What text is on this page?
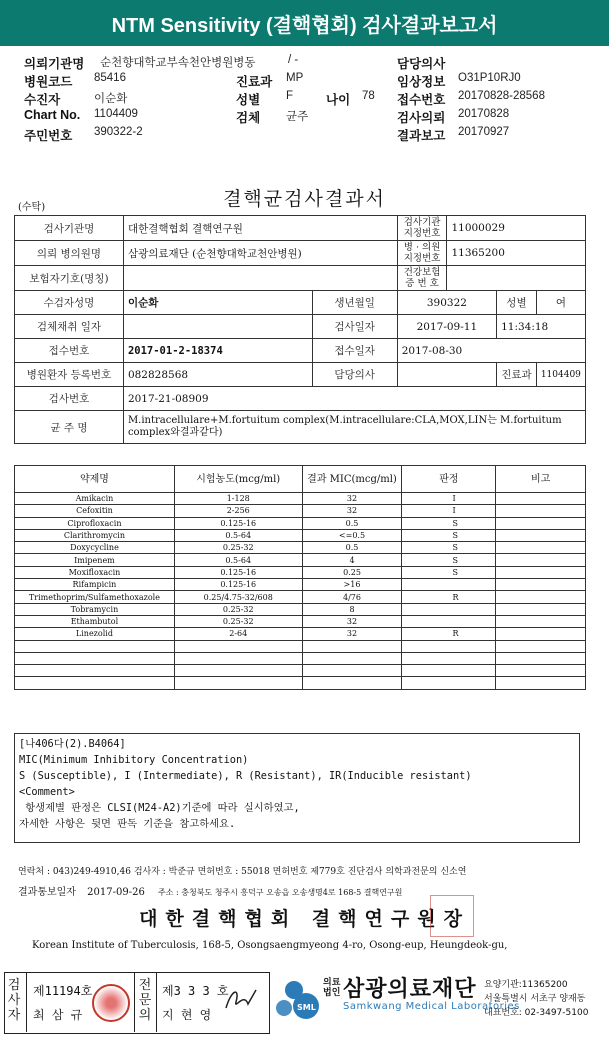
NTM Sensitivity (결핵협회) 검사결과보고서
의뢰기관명 순천향대학교부속천안병원병동	/ -	담당의사
병원코드 85416	진료과 MP	임상정보 O31P10RJ0
수진자	이순화	성별 F	나이 78 접수번호 20170828-28568
Chart No. 1104409	검체 균주	검사의뢰 20170828
주민번호 390322-2	결과보고 20170927
(수탁)	결핵균검사결과서
검사기관명	대한결핵협회 결핵연구원		검사기관 지정번호	11000029		
의뢰 병의원명	삼광의료재단 (순천향대학교천안병원)		병 · 의원 지정번호	11365200		
보험자기호(명칭)			건강보험 증 번 호			
수검자성명	이순화	생년월일	390322		성별	여
검체채취 일자		검사일자	2017-09-11		11:34:18	
접수번호	2017-01-2-18374	접수일자	2017-08-30			
병원환자 등록번호	082828568	담당의사			진료과	1104409
검사번호	2017-21-08909					
균 주 명	M.intracellulare+M.fortuitum complex(M.intracellulare:CLA,MOX,LIN는 M.fortuitum complex와결과같다)					
약제명	시험농도(mcg/ml)	결과 MIC(mcg/ml)	판정	비고
Amikacin	1-128	32	I	
Cefoxitin	2-256	32	I	
Ciprofloxacin	0.125-16	0.5	S	
Clarithromycin	0.5-64	<=0.5	S	
Doxycycline	0.25-32	0.5	S	
Imipenem	0.5-64	4	S	
Moxifloxacin	0.125-16	0.25	S	
Rifampicin	0.125-16	>16		
Trimethoprim/Sulfamethoxazole	0.25/4.75-32/608	4/76	R	
Tobramycin	0.25-32	8		
Ethambutol	0.25-32	32		
Linezolid	2-64	32	R	

[나406다(2).B4064]
MIC(Minimum Inhibitory Concentration)
S (Susceptible), I (Intermediate), R (Resistant), IR(Inducible resistant)
<Comment>
항생제별 판정은 CLSI(M24-A2)기준에 따라 실시하였고,
자세한 사항은 뒷면 판독 기준을 참고하세요.
연락처 : 043)249-4910,46 검사자 : 박준규 면허번호 : 55018 면허번호 제779호 진단검사 의학과전문의 신소연
결과통보일자 2017-09-26 주소 : 충청북도 청주시 흥덕구 오송읍 오송생명4로 168-5 결핵연구원
대한결핵협회 결핵연구원장
Korean Institute of Tuberculosis, 168-5, Osongsaengmyeong 4-ro, Osong-eup, Heungdeok-gu,
검사자
제11194호
최 삼 규
전문의
제3 3 3 호
지 현 영
SML
의료
법인 삼광의료재단
Samkwang Medical Laboratories
요양기관:11365200
서울특별시 서초구 양재동
대표번호: 02-3497-5100
